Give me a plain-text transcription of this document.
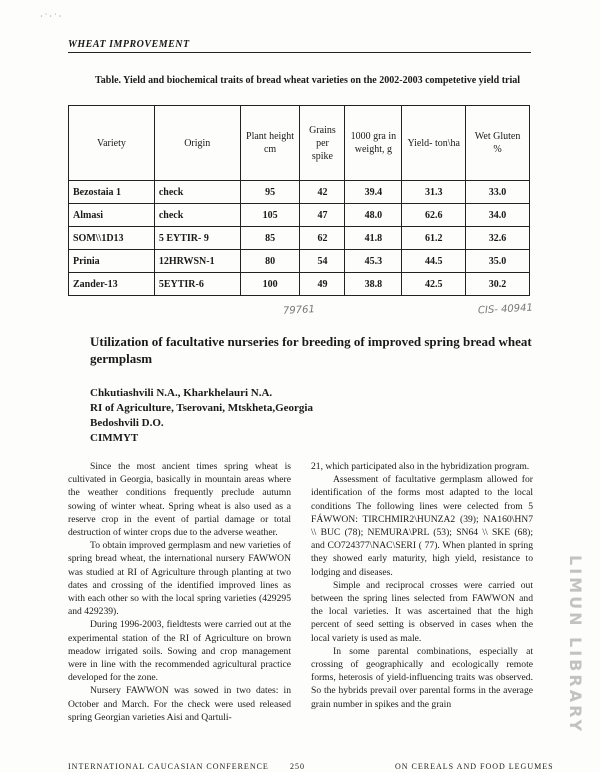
· ˙ · ˙ ·
WHEAT IMPROVEMENT
Table. Yield and biochemical traits of bread wheat varieties on the 2002-2003 competetive yield trial
Variety	Origin	Plant height cm	Grains per spike	1000 gra in weight, g	Yield- ton\ha	Wet Gluten %
Bezostaia 1	check	95	42	39.4	31.3	33.0
Almasi	check	105	47	48.0	62.6	34.0
SOM\\1D13	5 EYTIR- 9	85	62	41.8	61.2	32.6
Prinia	12HRWSN-1	80	54	45.3	44.5	35.0
Zander-13	5EYTIR-6	100	49	38.8	42.5	30.2
79761	CIS- 40941
Utilization of facultative nurseries for breeding of improved spring bread wheat germplasm
Chkutiashvili N.A., Kharkhelauri N.A.
RI of Agriculture, Tserovani, Mtskheta,Georgia
Bedoshvili D.O.
CIMMYT

Since the most ancient times spring wheat is cultivated in Georgia, basically in mountain areas where the weather conditions frequently preclude autumn sowing of winter wheat. Spring wheat is also used as a reserve crop in the event of partial damage or total destruction of winter crops due to the adverse weather.

To obtain improved germplasm and new varieties of spring bread wheat, the international nursery FAWWON was studied at RI of Agriculture through planting at two dates and crossing of the identified improved lines as with each other so with the local spring varieties (429295 and 429239).

During 1996-2003, fieldtests were carried out at the experimental station of the RI of Agriculture on brown meadow irrigated soils. Sowing and crop management were in line with the recommended agricultural practice developed for the zone.

Nursery FAWWON was sowed in two dates: in October and March. For the check were used released spring Georgian varieties Aisi and Qartuli-

21, which participated also in the hybridization program.

Assessment of facultative germplasm allowed for identification of the forms most adapted to the local conditions The following lines were celected from 5 FÁWWON: TIRCHMIR2\HUNZA2 (39); NA160\HN7 \\ BUC (78); NEMURA\PRL (53); SN64 \\ SKE (68); and CO724377\NAC\SERI ( 77). When planted in spring they showed early maturity, high yield, resistance to lodging and diseases.

Simple and reciprocal crosses were carried out between the spring lines selected from FAWWON and the local varieties. It was ascertained that the high percent of seed setting is observed in cases when the local variety is used as male.

In some parental combinations, especially at crossing of geographically and ecologically remote forms, heterosis of yield-influencing traits was observed. So the hybrids prevail over parental forms in the average grain number in spikes and the grain	LIMUN LIBRARY
INTERNATIONAL CAUCASIAN CONFERENCE	250	ON CEREALS AND FOOD LEGUMES
